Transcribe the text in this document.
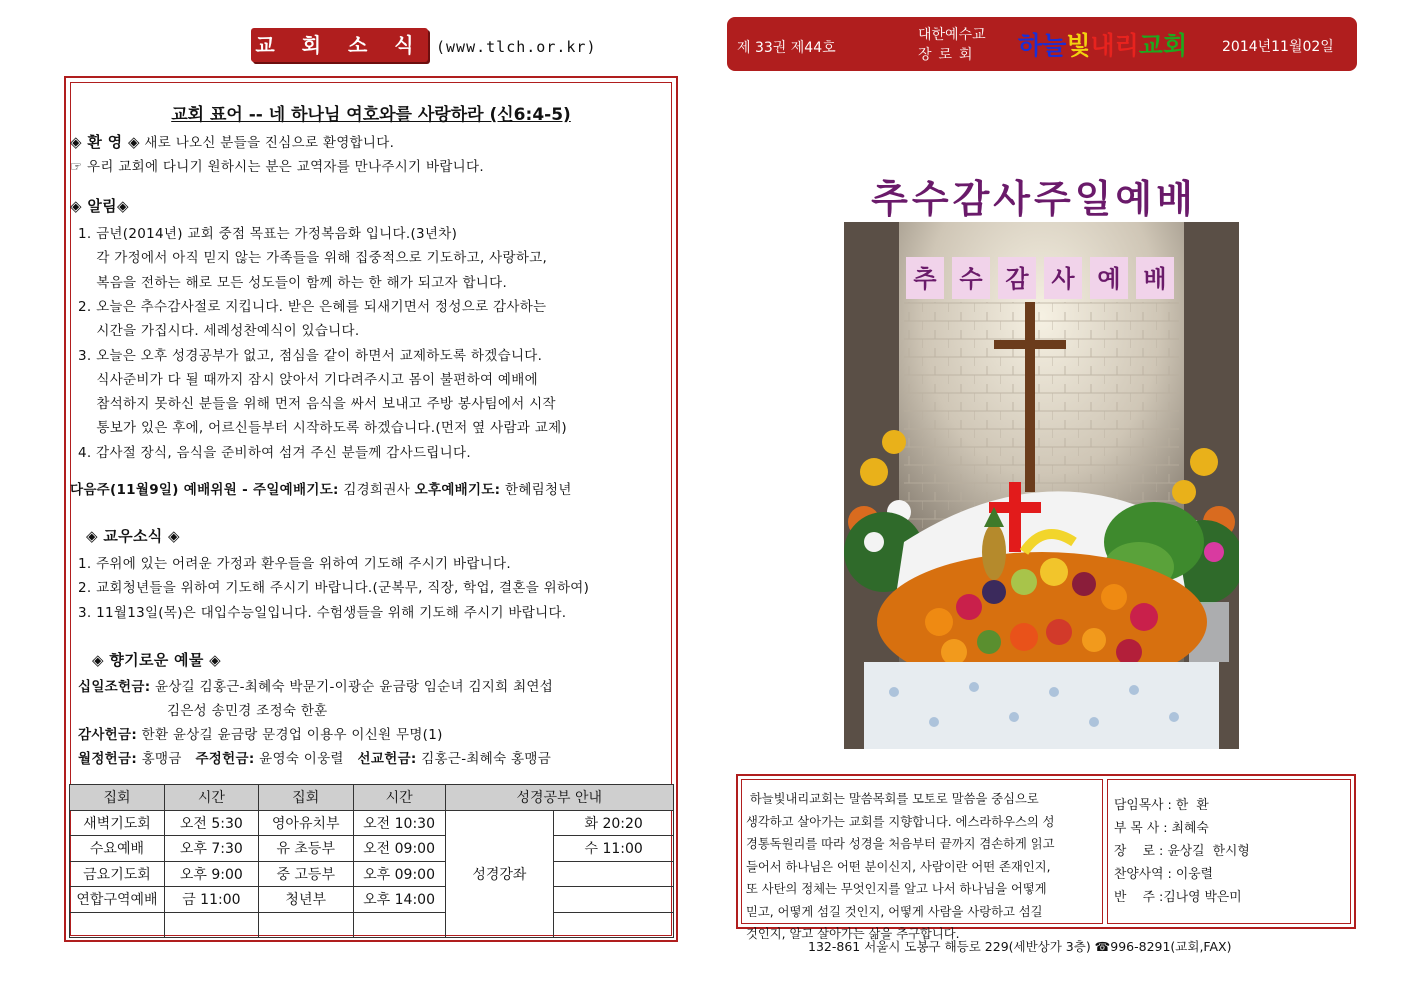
교 회 소 식 (www.tlch.or.kr)
교회 표어 -- 네 하나님 여호와를 사랑하라 (신6:4-5)
◈ 환 영 ◈ 새로 나오신 분들을 진심으로 환영합니다.
☞ 우리 교회에 다니기 원하시는 분은 교역자를 만나주시기 바랍니다.
◈ 알림◈
1. 금년(2014년) 교회 중점 목표는 가정복음화 입니다.(3년차)
각 가정에서 아직 믿지 않는 가족들을 위해 집중적으로 기도하고, 사랑하고,
복음을 전하는 해로 모든 성도들이 함께 하는 한 해가 되고자 합니다.
2. 오늘은 추수감사절로 지킵니다. 받은 은혜를 되새기면서 정성으로 감사하는
시간을 가집시다. 세례성찬예식이 있습니다.
3. 오늘은 오후 성경공부가 없고, 점심을 같이 하면서 교제하도록 하겠습니다.
식사준비가 다 될 때까지 잠시 앉아서 기다려주시고 몸이 불편하여 예배에
참석하지 못하신 분들을 위해 먼저 음식을 싸서 보내고 주방 봉사팀에서 시작
통보가 있은 후에, 어르신들부터 시작하도록 하겠습니다.(먼저 옆 사람과 교제)
4. 감사절 장식, 음식을 준비하여 섬겨 주신 분들께 감사드립니다.
다음주(11월9일) 예배위원 - 주일예배기도: 김경희권사 오후예배기도: 한혜림청년
◈ 교우소식 ◈
1. 주위에 있는 어려운 가정과 환우들을 위하여 기도해 주시기 바랍니다.
2. 교회청년들을 위하여 기도해 주시기 바랍니다.(군복무, 직장, 학업, 결혼을 위하여)
3. 11월13일(목)은 대입수능일입니다. 수험생들을 위해 기도해 주시기 바랍니다.
◈ 향기로운 예물 ◈
십일조헌금: 윤상길 김홍근-최혜숙 박문기-이광순 윤금랑 임순녀 김지희 최연섭
김은성 송민경 조정숙 한훈
감사헌금: 한환 윤상길 윤금랑 문경업 이용우 이신원 무명(1)
월정헌금: 홍맹금   주정헌금: 윤영숙 이웅렬   선교헌금: 김홍근-최혜숙 홍맹금
집회	시간	집회	시간	성경공부 안내	
새벽기도회	오전 5:30	영아유치부	오전 10:30	성경강좌	화 20:20
수요예배	오후 7:30	유 초등부	오전 09:00		수 11:00
금요기도회	오후 9:00	중 고등부	오후 09:00		
연합구역예배	금 11:00	청년부	오후 14:00		

제 33권 제44호
대한예수교
장로회 하늘빛내리교회 2014년11월02일
추수감사주일예배
추 수 감 사 예 배
하늘빛내리교회는 말씀목회를 모토로 말씀을 중심으로
생각하고 살아가는 교회를 지향합니다. 에스라하우스의 성
경통독원리를 따라 성경을 처음부터 끝까지 겸손하게 읽고
들어서 하나님은 어떤 분이신지, 사람이란 어떤 존재인지,
또 사탄의 정체는 무엇인지를 알고 나서 하나님을 어떻게
믿고, 어떻게 섬길 것인지, 어떻게 사람을 사랑하고 섬길
것인지, 알고 살아가는 삶을 추구합니다.
담임목사 : 한  환
부 목 사 : 최혜숙
장    로 : 윤상길  한시형
찬양사역 : 이웅렬
반    주 :김나영 박은미
132-861 서울시 도봉구 해등로 229(세반상가 3층) ☎996-8291(교회,FAX)
